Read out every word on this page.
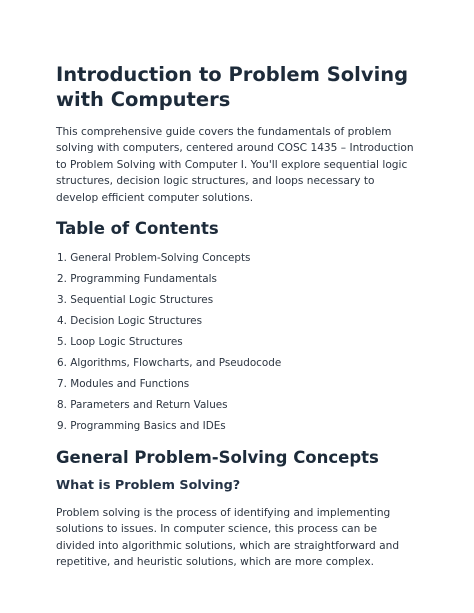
Introduction to Problem Solving with Computers

This comprehensive guide covers the fundamentals of problem solving with computers, centered around COSC 1435 – Introduction to Problem Solving with Computer I. You'll explore sequential logic structures, decision logic structures, and loops necessary to develop efficient computer solutions.

Table of Contents
1. General Problem-Solving Concepts
2. Programming Fundamentals
3. Sequential Logic Structures
4. Decision Logic Structures
5. Loop Logic Structures
6. Algorithms, Flowcharts, and Pseudocode
7. Modules and Functions
8. Parameters and Return Values
9. Programming Basics and IDEs
General Problem-Solving Concepts
What is Problem Solving?

Problem solving is the process of identifying and implementing solutions to issues. In computer science, this process can be divided into algorithmic solutions, which are straightforward and repetitive, and heuristic solutions, which are more complex.
